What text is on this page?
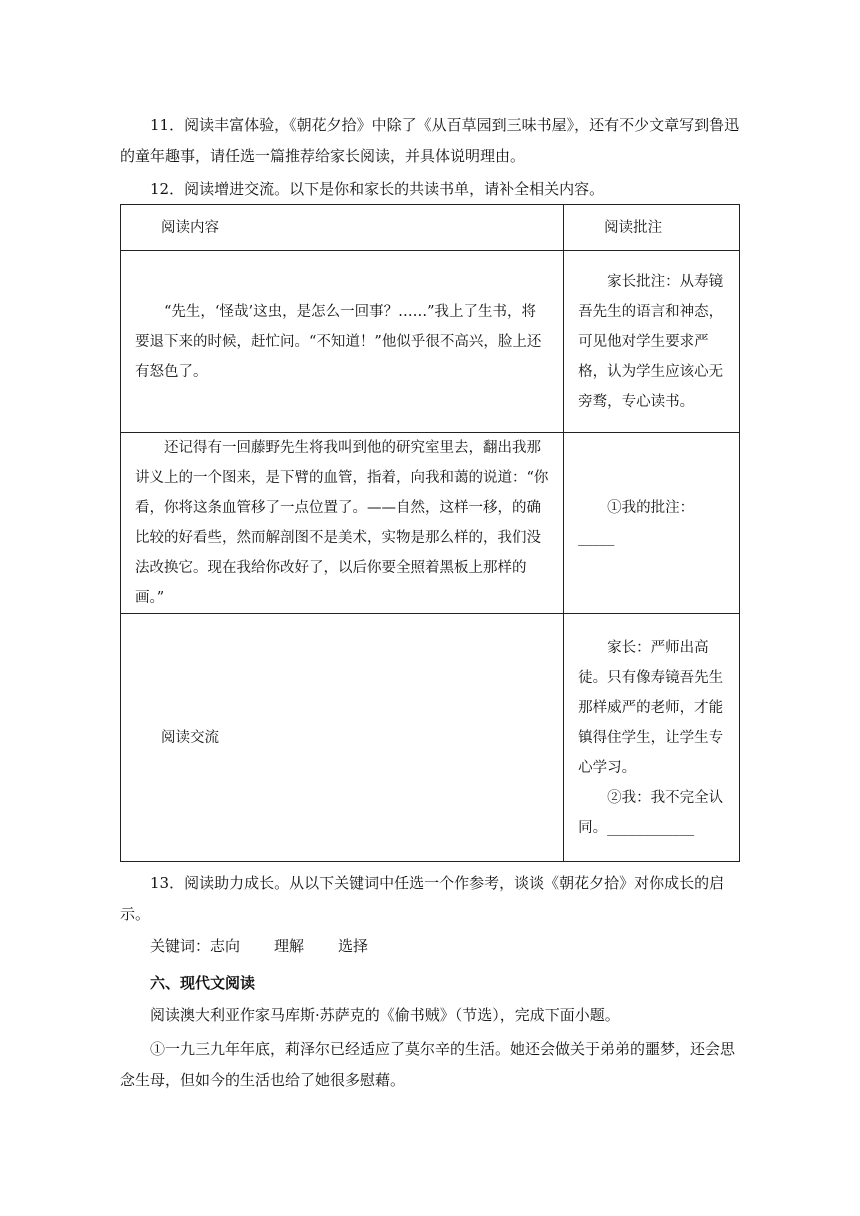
11．阅读丰富体验，《朝花夕拾》中除了《从百草园到三味书屋》，还有不少文章写到鲁迅的童年趣事，请任选一篇推荐给家长阅读，并具体说明理由。

12．阅读增进交流。以下是你和家长的共读书单，请补全相关内容。

阅读内容	阅读批注

“先生，‘怪哉’这虫，是怎么一回事？……”我上了生书，将要退下来的时候，赶忙问。“不知道！”他似乎很不高兴，脸上还有怒色了。	家长批注：从寿镜吾先生的语言和神态，可见他对学生要求严格，认为学生应该心无旁骛，专心读书。

还记得有一回藤野先生将我叫到他的研究室里去，翻出我那讲义上的一个图来，是下臂的血管，指着，向我和蔼的说道：“你看，你将这条血管移了一点位置了。——自然，这样一移，的确比较的好看些，然而解剖图不是美术，实物是那么样的，我们没法改换它。现在我给你改好了，以后你要全照着黑板上那样的画。”	①我的批注：_____

阅读交流	家长：严师出高徒。只有像寿镜吾先生那样威严的老师，才能镇得住学生，让学生专心学习。

②我：我不完全认同。____________

13．阅读助力成长。从以下关键词中任选一个作参考，谈谈《朝花夕拾》对你成长的启示。

关键词：志向 理解 选择

六、现代文阅读

阅读澳大利亚作家马库斯·苏萨克的《偷书贼》（节选），完成下面小题。

①一九三九年年底，莉泽尔已经适应了莫尔辛的生活。她还会做关于弟弟的噩梦，还会思念生母，但如今的生活也给了她很多慰藉。
